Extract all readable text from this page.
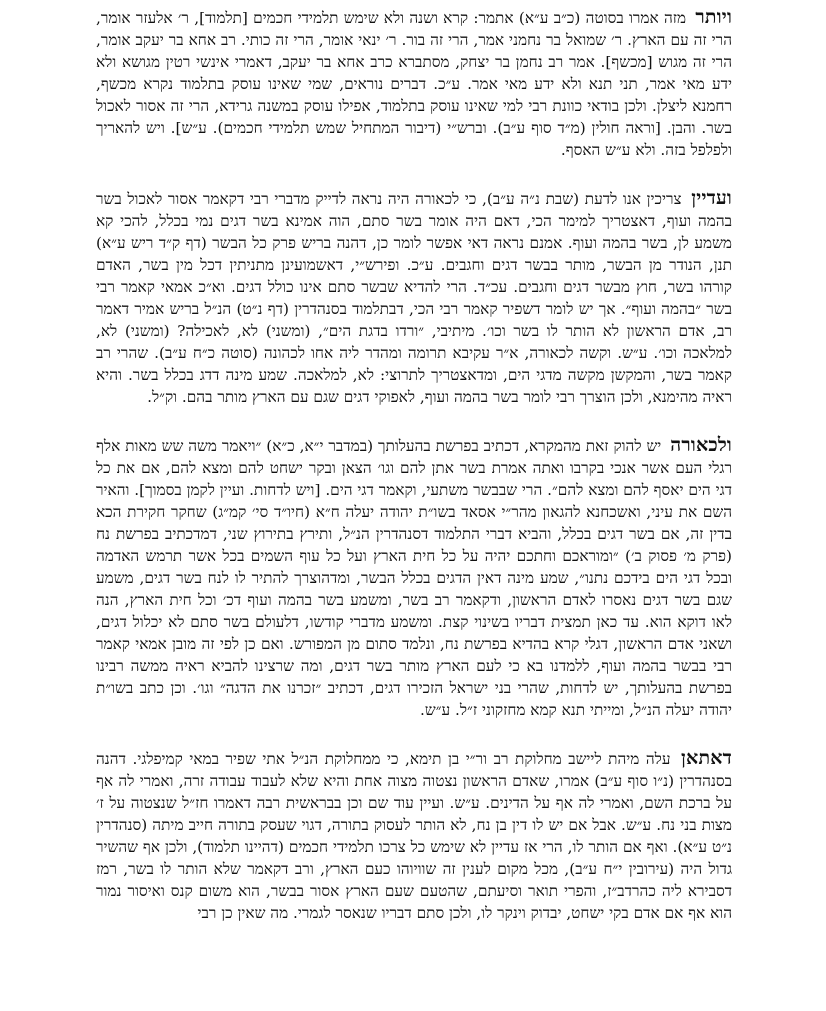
ויותר מזה אמרו בסוטה (כ״ב ע״א) אתמר: קרא ושנה ולא שימש תלמידי חכמים [תלמוד], ר׳ אלעזר אומר, הרי זה עם הארץ. ר׳ שמואל בר נחמני אמר, הרי זה בור. ר׳ ינאי אומר, הרי זה כותי. רב אחא בר יעקב אומר, הרי זה מגוש [מכשף]. אמר רב נחמן בר יצחק, מסתברא כרב אחא בר יעקב, דאמרי אינשי רטין מגושא ולא ידע מאי אמר, תני תנא ולא ידע מאי אמר. ע״כ. דברים נוראים, שמי שאינו עוסק בתלמוד נקרא מכשף, רחמנא ליצלן. ולכן בודאי כוונת רבי למי שאינו עוסק בתלמוד, אפילו עוסק במשנה גרידא, הרי זה אסור לאכול בשר. והבן. [וראה חולין (מ״ד סוף ע״ב). וברש״י (דיבור המתחיל שמש תלמידי חכמים). ע״ש]. ויש להאריך ולפלפל בזה. ולא ע״ש האסף.

ועדיין צריכין אנו לדעת (שבת נ״ה ע״ב), כי לכאורה היה נראה לדייק מדברי רבי דקאמר אסור לאכול בשר בהמה ועוף, דאצטריך למימר הכי, דאם היה אומר בשר סתם, הוה אמינא בשר דגים נמי בכלל, להכי קא משמע לן, בשר בהמה ועוף. אמנם נראה דאי אפשר לומר כן, דהנה בריש פרק כל הבשר (דף ק״ד ריש ע״א) תנן, הנודר מן הבשר, מותר בבשר דגים וחגבים. ע״כ. ופירש״י, דאשמועינן מתניתין דכל מין בשר, האדם קורהו בשר, חוץ מבשר דגים וחגבים. עכ״ד. הרי להדיא שבשר סתם אינו כולל דגים. וא״כ אמאי קאמר רבי בשר ״בהמה ועוף״. אך יש לומר דשפיר קאמר רבי הכי, דבתלמוד בסנהדרין (דף נ״ט) הנ״ל בריש אמיר דאמר רב, אדם הראשון לא הותר לו בשר וכו׳. מיתיבי, ״ורדו בדגת הים״, (ומשני) לא, לאכילה? (ומשני) לא, למלאכה וכו׳. ע״ש. וקשה לכאורה, א״ר עקיבא תרומה ומהדר ליה אחו לכהונה (סוטה כ״ח ע״ב). שהרי רב קאמר בשר, והמקשן מקשה מדגי הים, ומדאצטריך לתרוצי: לא, למלאכה. שמע מינה דדג בכלל בשר. והיא ראיה מהימנא, ולכן הוצרך רבי לומר בשר בהמה ועוף, לאפוקי דגים שגם עם הארץ מותר בהם. וק״ל.

ולכאורה יש להוק זאת מהמקרא, דכתיב בפרשת בהעלותך (במדבר י״א, כ״א) ״ויאמר משה שש מאות אלף רגלי העם אשר אנכי בקרבו ואתה אמרת בשר אתן להם וגו׳ הצאן ובקר ישחט להם ומצא להם, אם את כל דגי הים יאסף להם ומצא להם״. הרי שבבשר משתעי, וקאמר דגי הים. [ויש לדחות. ועיין לקמן בסמוך]. והאיר השם את עיני, ואשכחנא להגאון מהר״י אסאד בשו״ת יהודה יעלה ח״א (חיו״ד סי׳ קמ״ג) שחקר חקירת הכא בדין זה, אם בשר דגים בכלל, והביא דברי התלמוד דסנהדרין הנ״ל, ותירץ בתירוץ שני, דמדכתיב בפרשת נח (פרק מ׳ פסוק ב׳) ״ומוראכם וחתכם יהיה על כל חית הארץ ועל כל עוף השמים בכל אשר תרמש האדמה ובכל דגי הים בידכם נתנו״, שמע מינה דאין הדגים בכלל הבשר, ומדהוצרך להתיר לו לנח בשר דגים, משמע שגם בשר דגים נאסרו לאדם הראשון, ודקאמר רב בשר, ומשמע בשר בהמה ועוף דכ׳ וכל חית הארץ, הנה לאו דוקא הוא. עד כאן תמצית דבריו בשינוי קצת. ומשמע מדברי קודשו, דלעולם בשר סתם לא יכלול דגים, ושאני אדם הראשון, דגלי קרא בהדיא בפרשת נח, ונלמד סתום מן המפורש. ואם כן לפי זה מובן אמאי קאמר רבי בבשר בהמה ועוף, ללמדנו בא כי לעם הארץ מותר בשר דגים, ומה שרצינו להביא ראיה ממשה רבינו בפרשת בהעלותך, יש לדחות, שהרי בני ישראל הזכירו דגים, דכתיב ״זכרנו את הדגה״ וגו׳. וכן כתב בשו״ת יהודה יעלה הנ״ל, ומייתי תנא קמא מחזקוני ז״ל. ע״ש.

דאתאן עלה מיהת ליישב מחלוקת רב ור״י בן תימא, כי ממחלוקת הנ״ל אתי שפיר במאי קמיפלגי. דהנה בסנהדרין (נ״ו סוף ע״ב) אמרו, שאדם הראשון נצטוה מצוה אחת והיא שלא לעבוד עבודה זרה, ואמרי לה אף על ברכת השם, ואמרי לה אף על הדינים. ע״ש. ועיין עוד שם וכן בבראשית רבה דאמרו חז״ל שנצטוה על ז׳ מצות בני נח. ע״ש. אבל אם יש לו דין בן נח, לא הותר לעסוק בתורה, דגוי שעסק בתורה חייב מיתה (סנהדרין נ״ט ע״א). ואף אם הותר לו, הרי אז עדיין לא שימש כל צרכו תלמידי חכמים (דהיינו תלמוד), ולכן אף שהשיר גדול היה (עירובין י״ח ע״ב), מכל מקום לענין זה שוויוהו כעם הארץ, ורב דקאמר שלא הותר לו בשר, רמז דסבירא ליה כהרדב״ז, והפרי תואר וסיעתם, שהטעם שעם הארץ אסור בבשר, הוא משום קנס ואיסור נמור הוא אף אם אדם בקי ישחט, יבדוק וינקר לו, ולכן סתם דבריו שנאסר לגמרי. מה שאין כן רבי
